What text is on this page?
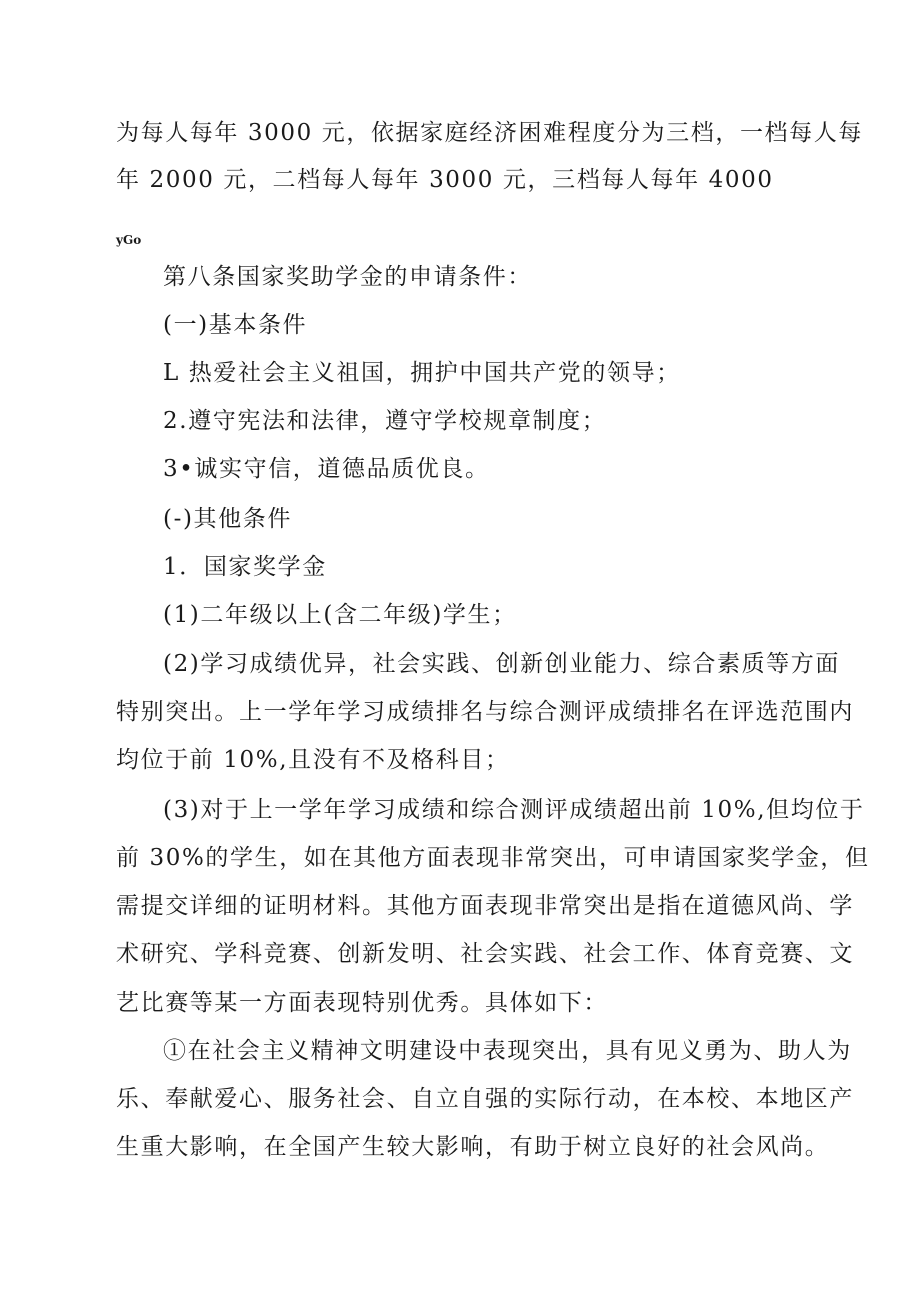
为每人每年 3000 元，依据家庭经济困难程度分为三档，一档每人每
年 2000 元，二档每人每年 3000 元，三档每人每年 4000
yGo
第八条国家奖助学金的申请条件：
(一)基本条件
L 热爱社会主义祖国，拥护中国共产党的领导；
2.遵守宪法和法律，遵守学校规章制度；
3•诚实守信，道德品质优良。
(-)其他条件
1．国家奖学金
(1)二年级以上(含二年级)学生；
(2)学习成绩优异，社会实践、创新创业能力、综合素质等方面
特别突出。上一学年学习成绩排名与综合测评成绩排名在评选范围内
均位于前 10%,且没有不及格科目；
(3)对于上一学年学习成绩和综合测评成绩超出前 10%,但均位于
前 30%的学生，如在其他方面表现非常突出，可申请国家奖学金，但
需提交详细的证明材料。其他方面表现非常突出是指在道德风尚、学
术研究、学科竞赛、创新发明、社会实践、社会工作、体育竞赛、文
艺比赛等某一方面表现特别优秀。具体如下：
①在社会主义精神文明建设中表现突出，具有见义勇为、助人为
乐、奉献爱心、服务社会、自立自强的实际行动，在本校、本地区产
生重大影响，在全国产生较大影响，有助于树立良好的社会风尚。
